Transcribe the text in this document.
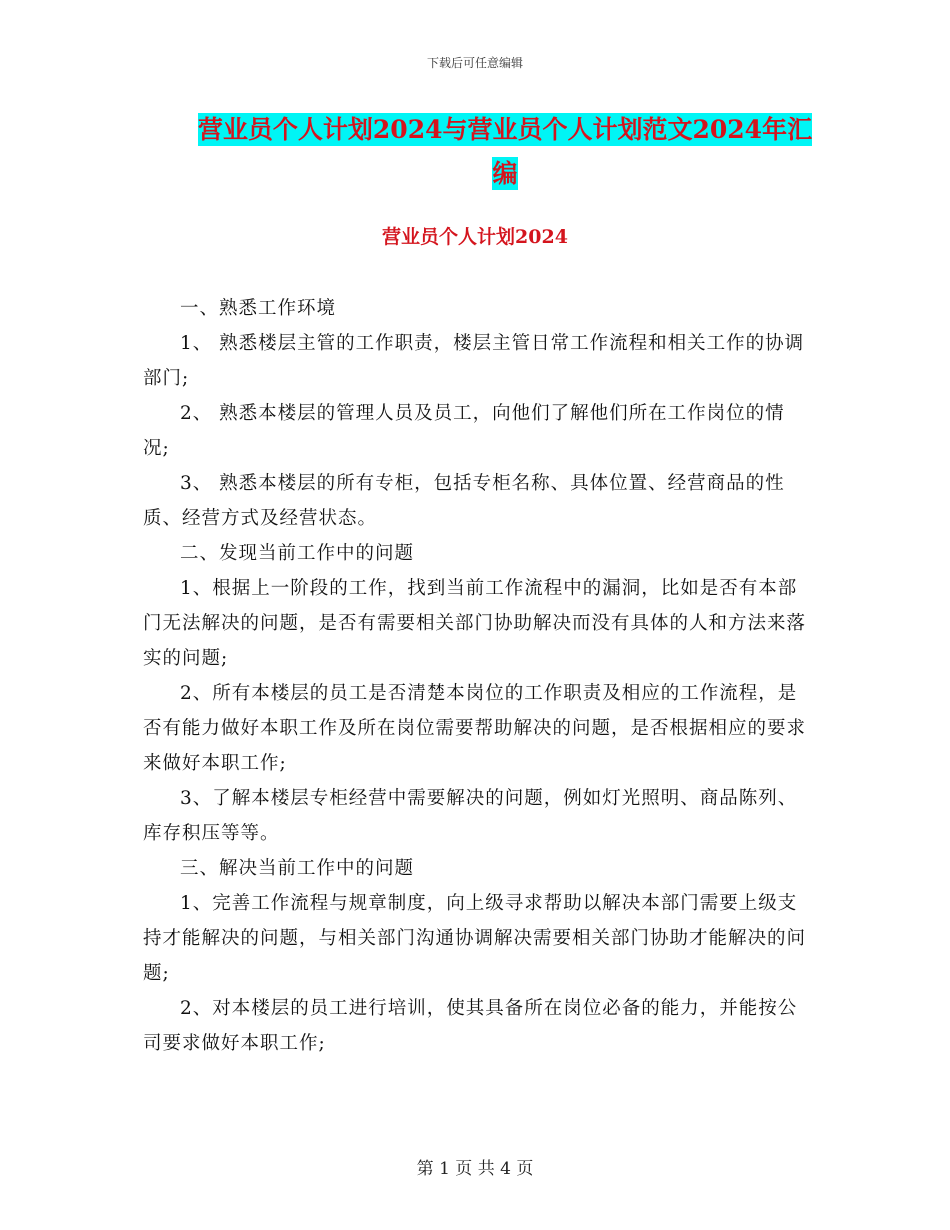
下载后可任意编辑
营业员个人计划2024与营业员个人计划范文2024年汇编
营业员个人计划2024

一、熟悉工作环境

1、 熟悉楼层主管的工作职责，楼层主管日常工作流程和相关工作的协调部门;

2、 熟悉本楼层的管理人员及员工，向他们了解他们所在工作岗位的情况;

3、 熟悉本楼层的所有专柜，包括专柜名称、具体位置、经营商品的性质、经营方式及经营状态。

二、发现当前工作中的问题

1、根据上一阶段的工作，找到当前工作流程中的漏洞，比如是否有本部门无法解决的问题，是否有需要相关部门协助解决而没有具体的人和方法来落实的问题;

2、所有本楼层的员工是否清楚本岗位的工作职责及相应的工作流程，是否有能力做好本职工作及所在岗位需要帮助解决的问题，是否根据相应的要求来做好本职工作;

3、了解本楼层专柜经营中需要解决的问题，例如灯光照明、商品陈列、库存积压等等。

三、解决当前工作中的问题

1、完善工作流程与规章制度，向上级寻求帮助以解决本部门需要上级支持才能解决的问题，与相关部门沟通协调解决需要相关部门协助才能解决的问题;

2、对本楼层的员工进行培训，使其具备所在岗位必备的能力，并能按公司要求做好本职工作;

第 1 页 共 4 页
